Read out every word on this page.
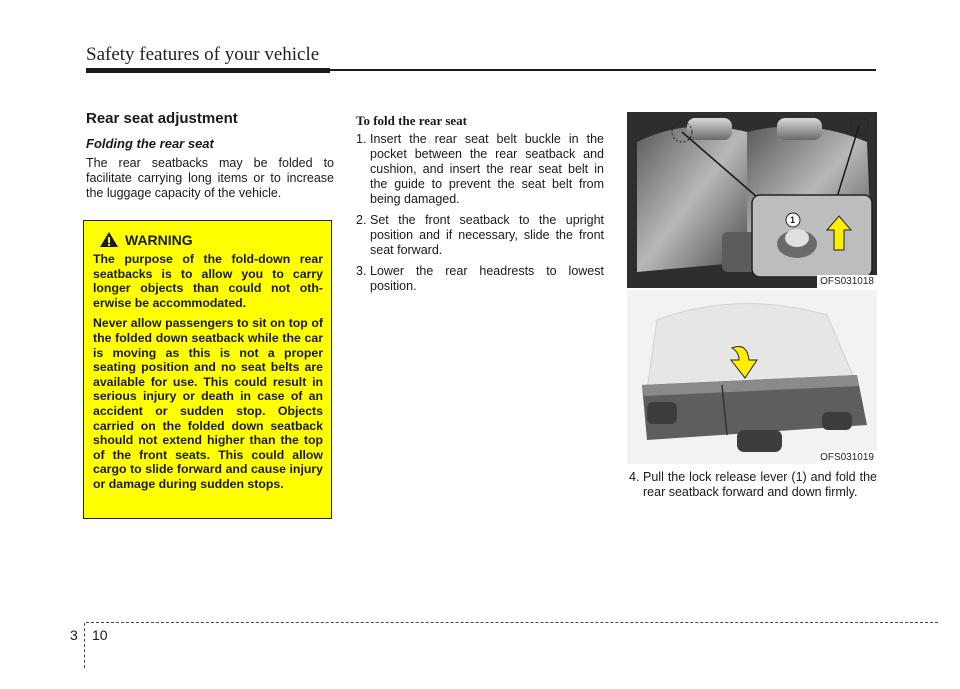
Safety features of your vehicle
Rear seat adjustment
Folding the rear seat

The rear seatbacks may be folded to facilitate carrying long items or to increase the luggage capacity of the vehicle.

WARNING

The purpose of the fold-down rear seatbacks is to allow you to carry longer objects than could not oth-erwise be accommodated.

Never allow passengers to sit on top of the folded down seatback while the car is moving as this is not a proper seating position and no seat belts are available for use. This could result in serious injury or death in case of an accident or sudden stop. Objects carried on the folded down seatback should not extend higher than the top of the front seats. This could allow cargo to slide forward and cause injury or damage during sudden stops.

To fold the rear seat
1. Insert the rear seat belt buckle in the pocket between the rear seatback and cushion, and insert the rear seat belt in the guide to prevent the seat belt from being damaged.
2. Set the front seatback to the upright position and if necessary, slide the front seat forward.
3. Lower the rear headrests to lowest position.
1
OFS031018
OFS031019
4. Pull the lock release lever (1) and fold the rear seatback forward and down firmly.
3 10
